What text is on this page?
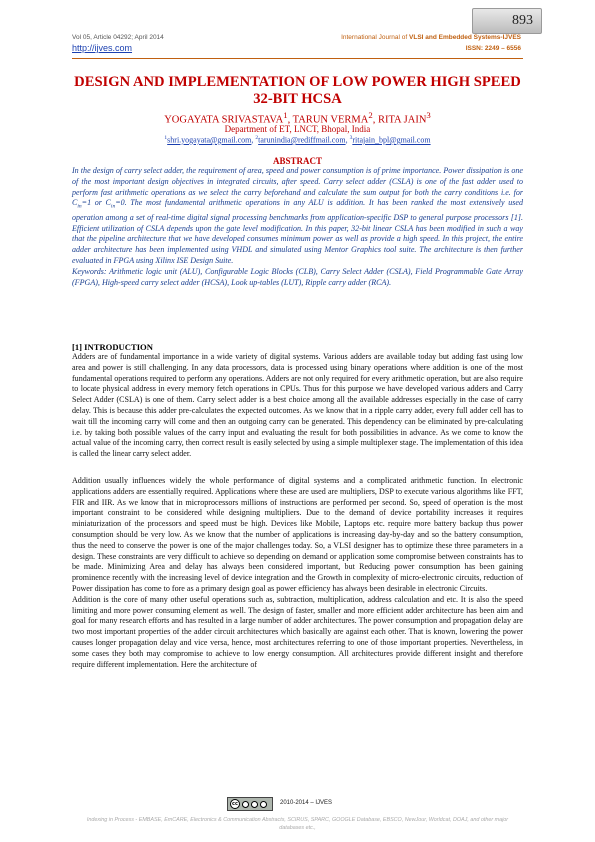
893
Vol 05, Article 04292; April 2014
http://ijves.com
International Journal of VLSI and Embedded Systems-IJVES
ISSN: 2249 – 6556
DESIGN AND IMPLEMENTATION OF LOW POWER HIGH SPEED 32-BIT HCSA
YOGAYATA SRIVASTAVA$^1$, TARUN VERMA$^2$, RITA JAIN$^3$
Department of ET, LNCT, Bhopal, India
$^1$shri.yogayata@gmail.com, $^2$tarunindia@rediffmail.com, $^3$ritajain_bpl@gmail.com
ABSTRACT

In the design of carry select adder, the requirement of area, speed and power consumption is of prime importance. Power dissipation is one of the most important design objectives in integrated circuits, after speed. Carry select adder (CSLA) is one of the fast adder used to perform fast arithmetic operations as we select the carry beforehand and calculate the sum output for both the carry conditions i.e. for $C_{in}=1$ or $C_{in}=0$. The most fundamental arithmetic operations in any ALU is addition. It has been ranked the most extensively used operation among a set of real-time digital signal processing benchmarks from application-specific DSP to general purpose processors [1]. Efficient utilization of CSLA depends upon the gate level modification. In this paper, 32-bit linear CSLA has been modified in such a way that the pipeline architecture that we have developed consumes minimum power as well as provide a high speed. In this project, the entire adder architecture has been implemented using VHDL and simulated using Mentor Graphics tool suite. The architecture is then further evaluated in FPGA using Xilinx ISE Design Suite.

Keywords: Arithmetic logic unit (ALU), Configurable Logic Blocks (CLB), Carry Select Adder (CSLA), Field Programmable Gate Array (FPGA), High-speed carry select adder (HCSA), Look up-tables (LUT), Ripple carry adder (RCA).

[1] INTRODUCTION

Adders are of fundamental importance in a wide variety of digital systems. Various adders are available today but adding fast using low area and power is still challenging. In any data processors, data is processed using binary operations where addition is one of the most fundamental operations required to perform any operations. Adders are not only required for every arithmetic operation, but are also require to locate physical address in every memory fetch operations in CPUs. Thus for this purpose we have developed various adders and Carry Select Adder (CSLA) is one of them. Carry select adder is a best choice among all the available addresses especially in the case of carry delay. This is because this adder pre-calculates the expected outcomes. As we know that in a ripple carry adder, every full adder cell has to wait till the incoming carry will come and then an outgoing carry can be generated. This dependency can be eliminated by pre-calculating i.e. by taking both possible values of the carry input and evaluating the result for both possibilities in advance. As we come to know the actual value of the incoming carry, then correct result is easily selected by using a simple multiplexer stage. The implementation of this idea is called the linear carry select adder.

Addition usually influences widely the whole performance of digital systems and a complicated arithmetic function. In electronic applications adders are essentially required. Applications where these are used are multipliers, DSP to execute various algorithms like FFT, FIR and IIR. As we know that in microprocessors millions of instructions are performed per second. So, speed of operation is the most important constraint to be considered while designing multipliers. Due to the demand of device portability increases it requires miniaturization of the processors and speed must be high. Devices like Mobile, Laptops etc. require more battery backup thus power consumption should be very low. As we know that the number of applications is increasing day-by-day and so the battery consumption, thus the need to conserve the power is one of the major challenges today. So, a VLSI designer has to optimize these three parameters in a design. These constraints are very difficult to achieve so depending on demand or application some compromise between constraints has to be made. Minimizing Area and delay has always been considered important, but Reducing power consumption has been gaining prominence recently with the increasing level of device integration and the Growth in complexity of micro-electronic circuits, reduction of Power dissipation has come to fore as a primary design goal as power efficiency has always been desirable in electronic Circuits.

Addition is the core of many other useful operations such as, subtraction, multiplication, address calculation and etc. It is also the speed limiting and more power consuming element as well. The design of faster, smaller and more efficient adder architecture has been aim and goal for many research efforts and has resulted in a large number of adder architectures. The power consumption and propagation delay are two most important properties of the adder circuit architectures which basically are against each other. That is known, lowering the power causes longer propagation delay and vice versa, hence, most architectures referring to one of those important properties. Nevertheless, in some cases they both may compromise to achieve to low energy consumption. All architectures provide different insight and therefore require different implementation. Here the architecture of

cc	2010-2014 – IJVES
Indexing in Process - EMBASE, EmCARE, Electronics & Communication Abstracts, SCIRUS, SPARC, GOOGLE Database, EBSCO, NewJour, Worldcat, DOAJ, and other major databases etc.,
